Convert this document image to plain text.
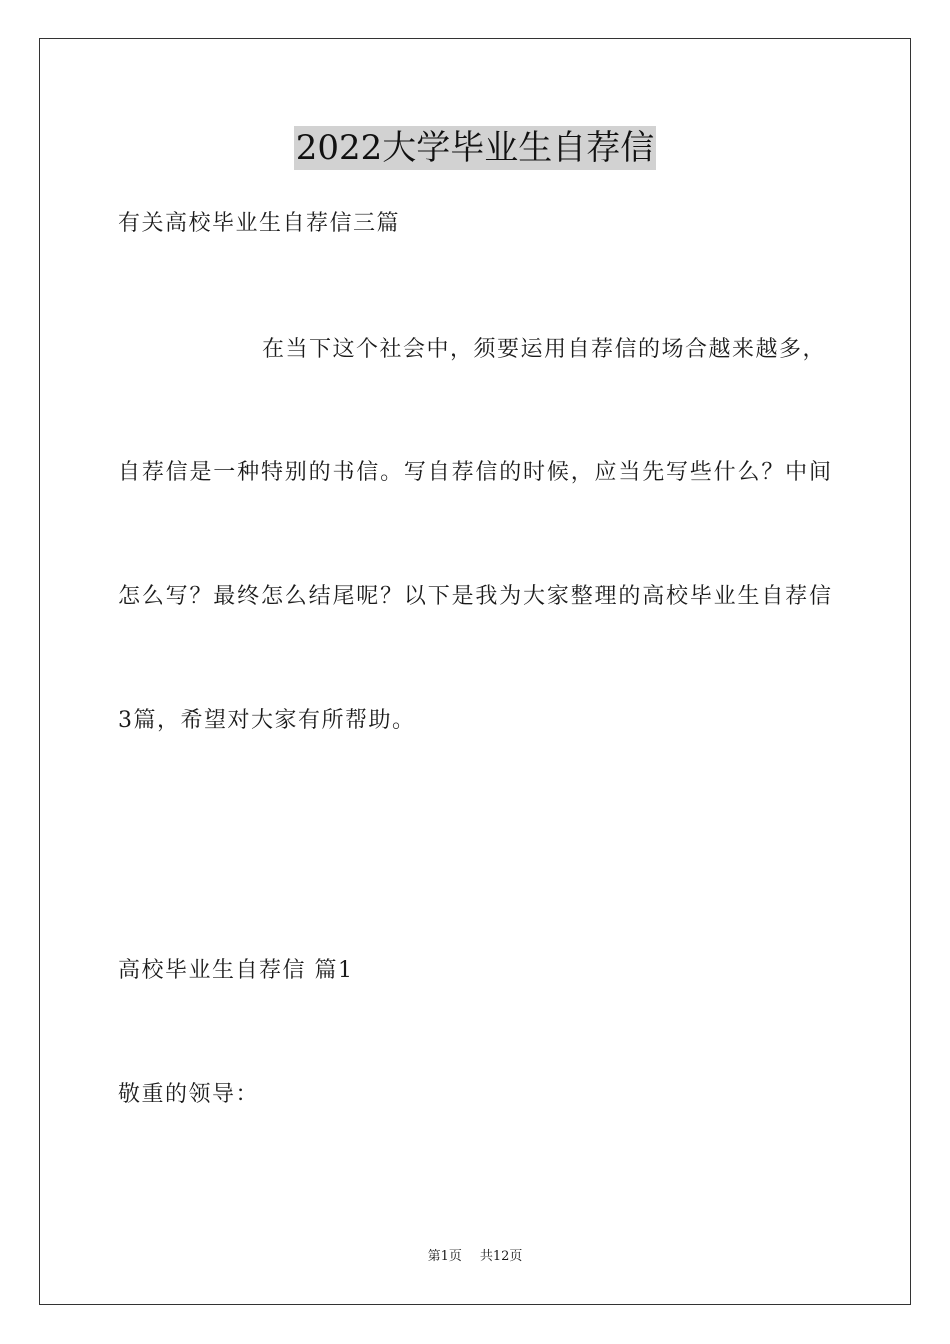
2022大学毕业生自荐信
有关高校毕业生自荐信三篇
在当下这个社会中，须要运用自荐信的场合越来越多，
自荐信是一种特别的书信。写自荐信的时候，应当先写些什么？中间
怎么写？最终怎么结尾呢？以下是我为大家整理的高校毕业生自荐信
3篇，希望对大家有所帮助。
高校毕业生自荐信 篇1
敬重的领导：
第1页 共12页
